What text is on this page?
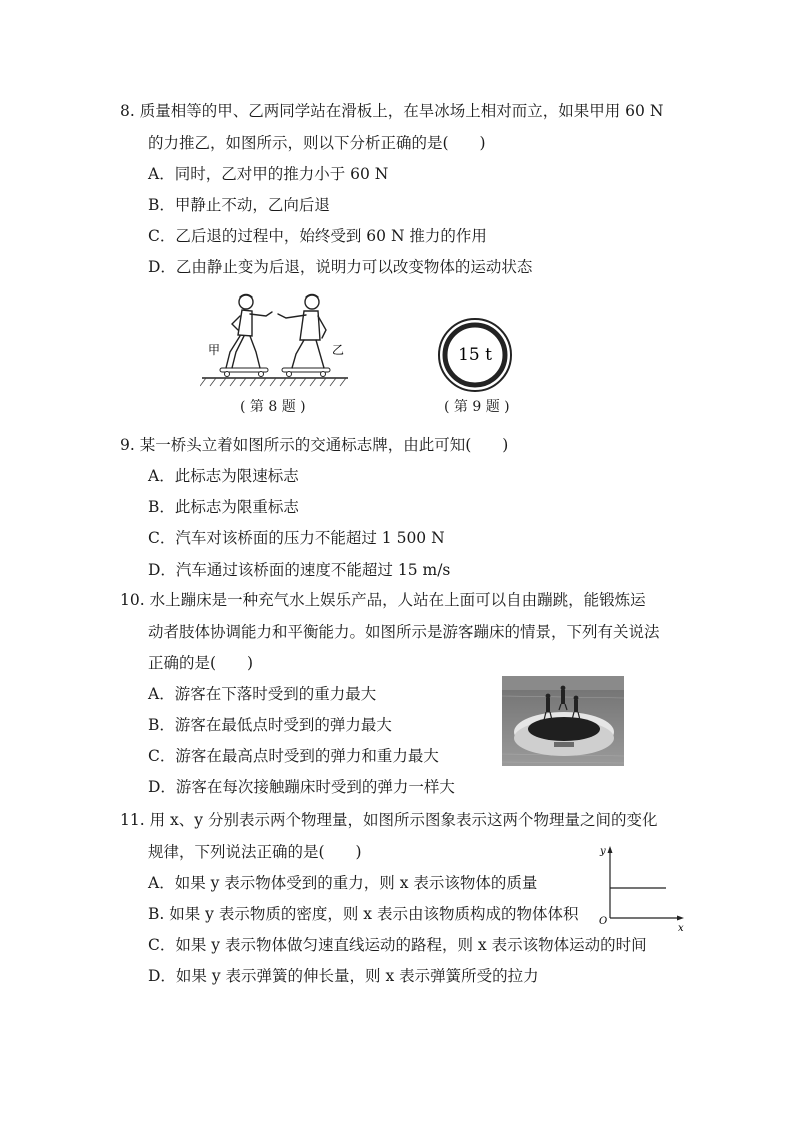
8. 质量相等的甲、乙两同学站在滑板上，在旱冰场上相对而立，如果甲用 60 N
的力推乙，如图所示，则以下分析正确的是(　　)
A．同时，乙对甲的推力小于 60 N
B．甲静止不动，乙向后退
C．乙后退的过程中，始终受到 60 N 推力的作用
D．乙由静止变为后退，说明力可以改变物体的运动状态
甲	乙
( 第 8 题 )
15 t
( 第 9 题 )
9. 某一桥头立着如图所示的交通标志牌，由此可知(　　)
A．此标志为限速标志
B．此标志为限重标志
C．汽车对该桥面的压力不能超过 1 500 N
D．汽车通过该桥面的速度不能超过 15 m/s
10. 水上蹦床是一种充气水上娱乐产品，人站在上面可以自由蹦跳，能锻炼运
动者肢体协调能力和平衡能力。如图所示是游客蹦床的情景，下列有关说法
正确的是(　　)
A．游客在下落时受到的重力最大
B．游客在最低点时受到的弹力最大
C．游客在最高点时受到的弹力和重力最大
D．游客在每次接触蹦床时受到的弹力一样大
11. 用 x、y 分别表示两个物理量，如图所示图象表示这两个物理量之间的变化
规律，下列说法正确的是(　　)
A．如果 y 表示物体受到的重力，则 x 表示该物体的质量
B. 如果 y 表示物质的密度，则 x 表示由该物质构成的物体体积
C．如果 y 表示物体做匀速直线运动的路程，则 x 表示该物体运动的时间
D．如果 y 表示弹簧的伸长量，则 x 表示弹簧所受的拉力
y
x
O
